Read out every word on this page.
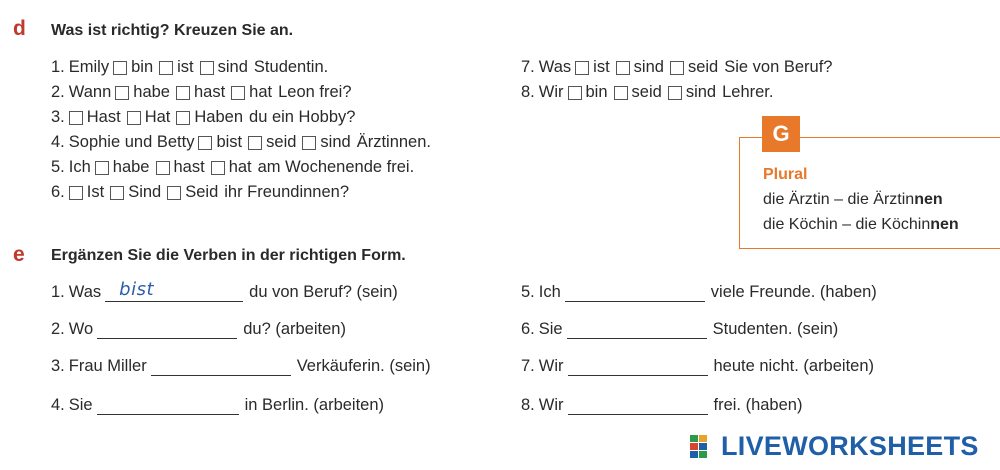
d Was ist richtig? Kreuzen Sie an.
1. Emily bin ist sind Studentin.
2. Wann habe hast hat Leon frei?
3. Hast Hat Haben du ein Hobby?
4. Sophie und Betty bist seid sind Ärztinnen.
5. Ich habe hast hat am Wochenende frei.
6. Ist Sind Seid ihr Freundinnen?
7. Was ist sind seid Sie von Beruf?
8. Wir bin seid sind Lehrer.
G
Plural
die Ärztin – die Ärztinnen
die Köchin – die Köchinnen
e Ergänzen Sie die Verben in der richtigen Form.
1. Was bist	du von Beruf? (sein)
2. Wo	du? (arbeiten)
3. Frau Miller	Verkäuferin. (sein)
4. Sie	in Berlin. (arbeiten)
5. Ich	viele Freunde. (haben)
6. Sie	Studenten. (sein)
7. Wir	heute nicht. (arbeiten)
8. Wir	frei. (haben)
LIVEWORKSHEETS
